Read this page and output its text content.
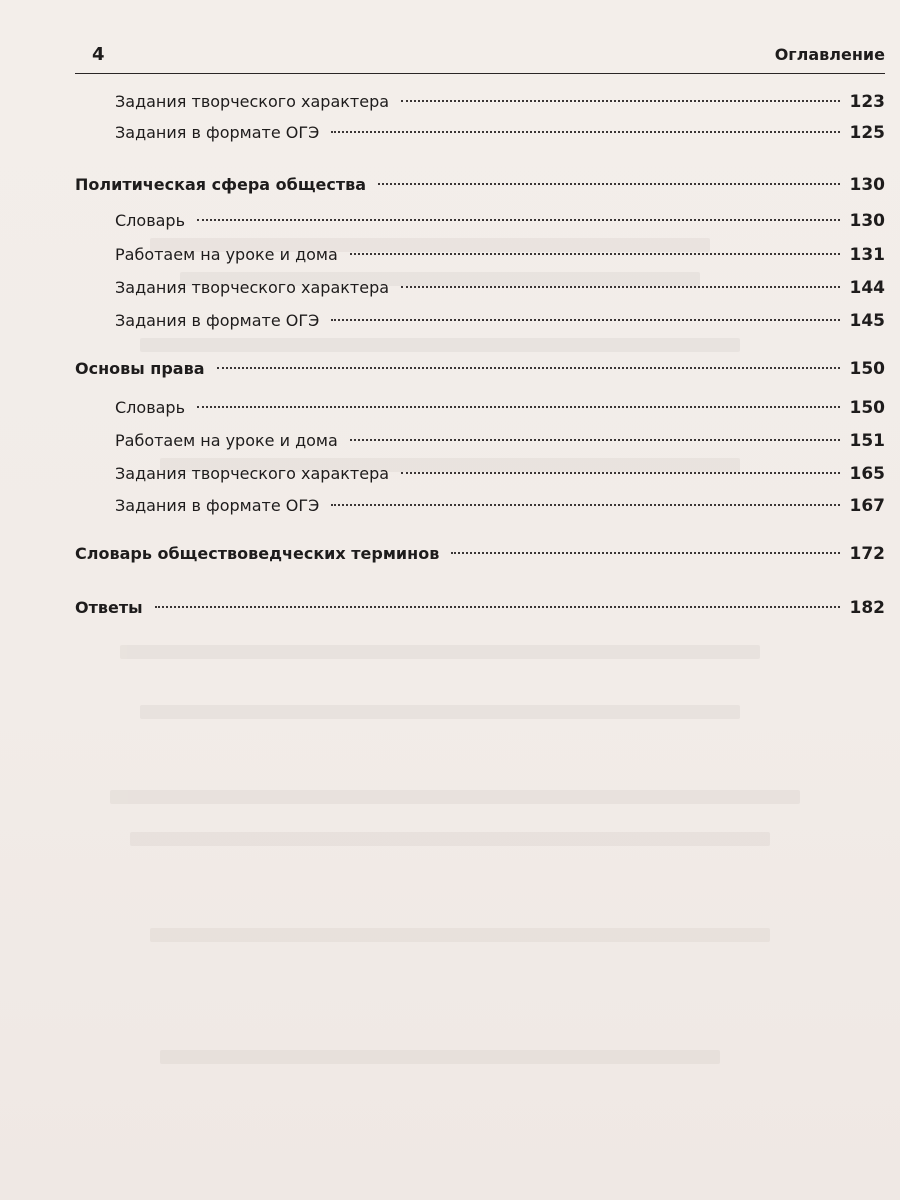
4	Оглавление
Задания творческого характера	123
Задания в формате ОГЭ	125
Политическая сфера общества	130
Словарь	130
Работаем на уроке и дома	131
Задания творческого характера	144
Задания в формате ОГЭ	145
Основы права	150
Словарь	150
Работаем на уроке и дома	151
Задания творческого характера	165
Задания в формате ОГЭ	167
Словарь обществоведческих терминов	172
Ответы	182
